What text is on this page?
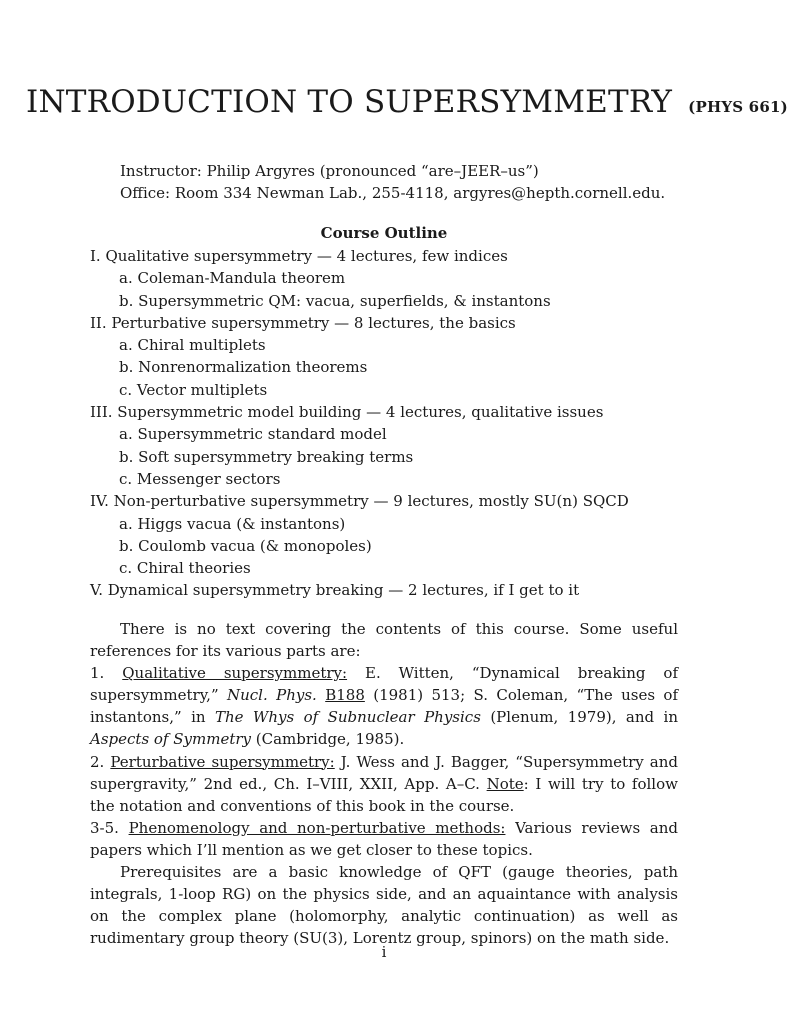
INTRODUCTION TO SUPERSYMMETRY (PHYS 661)
Instructor: Philip Argyres (pronounced “are–JEER–us”)
Office: Room 334 Newman Lab., 255-4118, argyres@hepth.cornell.edu.
Course Outline
I. Qualitative supersymmetry — 4 lectures, few indices
a. Coleman-Mandula theorem
b. Supersymmetric QM: vacua, superfields, & instantons
II. Perturbative supersymmetry — 8 lectures, the basics
a. Chiral multiplets
b. Nonrenormalization theorems
c. Vector multiplets
III. Supersymmetric model building — 4 lectures, qualitative issues
a. Supersymmetric standard model
b. Soft supersymmetry breaking terms
c. Messenger sectors
IV. Non-perturbative supersymmetry — 9 lectures, mostly SU(n) SQCD
a. Higgs vacua (& instantons)
b. Coulomb vacua (& monopoles)
c. Chiral theories
V. Dynamical supersymmetry breaking — 2 lectures, if I get to it

There is no text covering the contents of this course. Some useful references for its various parts are:

1. Qualitative supersymmetry: E. Witten, “Dynamical breaking of supersymmetry,” Nucl. Phys. B188 (1981) 513; S. Coleman, “The uses of instantons,” in The Whys of Subnuclear Physics (Plenum, 1979), and in Aspects of Symmetry (Cambridge, 1985).

2. Perturbative supersymmetry: J. Wess and J. Bagger, “Supersymmetry and supergravity,” 2nd ed., Ch. I–VIII, XXII, App. A–C. Note: I will try to follow the notation and conventions of this book in the course.

3-5. Phenomenology and non-perturbative methods: Various reviews and papers which I’ll mention as we get closer to these topics.

Prerequisites are a basic knowledge of QFT (gauge theories, path integrals, 1-loop RG) on the physics side, and an aquaintance with analysis on the complex plane (holomorphy, analytic continuation) as well as rudimentary group theory (SU(3), Lorentz group, spinors) on the math side.

i
